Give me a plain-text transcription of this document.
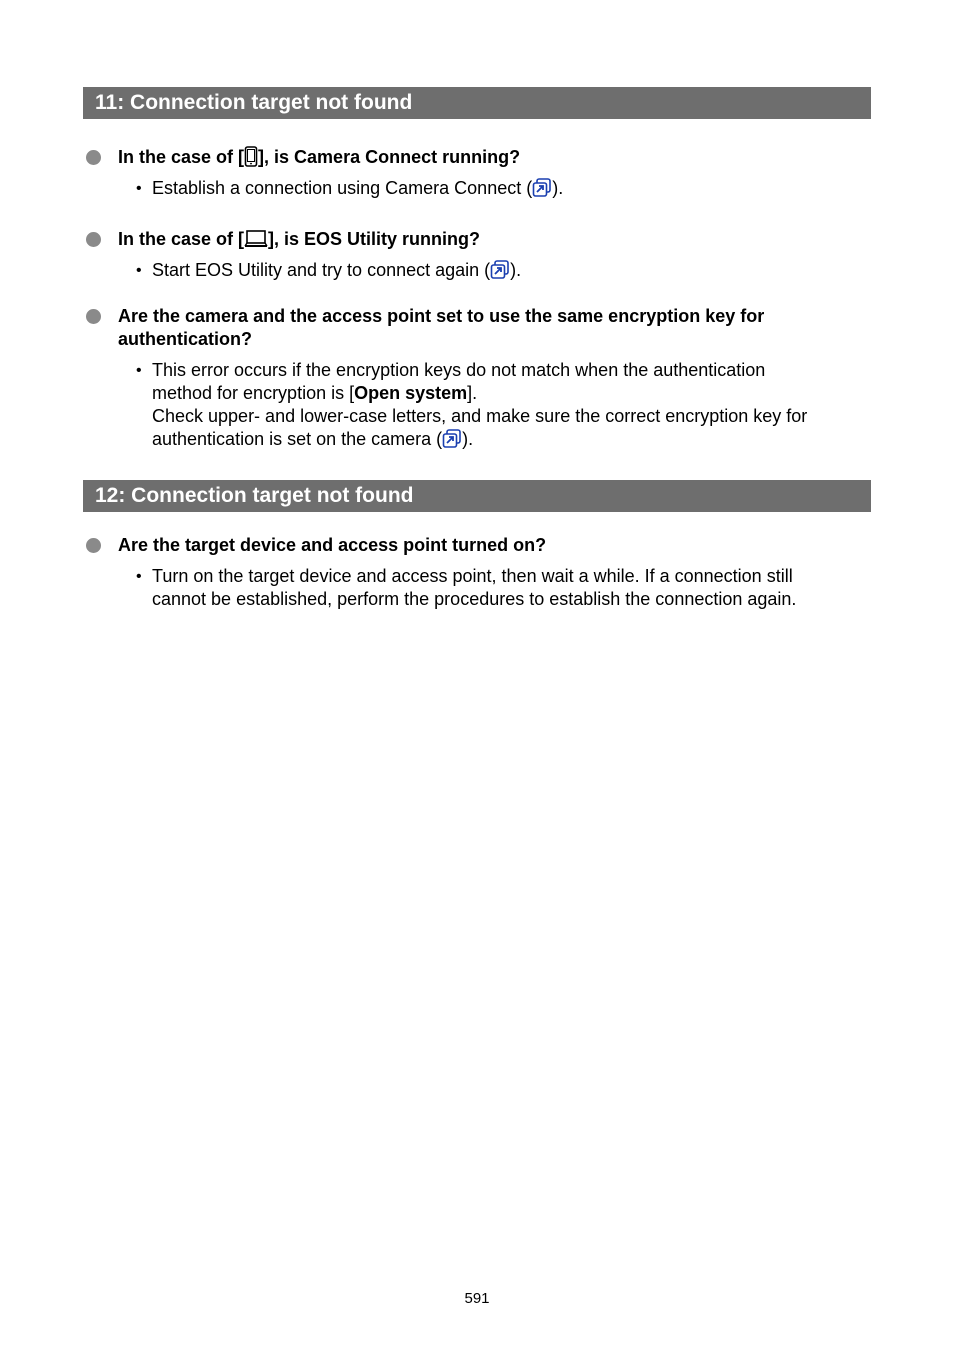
11: Connection target not found
In the case of [ ], is Camera Connect running?
• Establish a connection using Camera Connect ( ).
In the case of [ ], is EOS Utility running?
• Start EOS Utility and try to connect again ( ).
Are the camera and the access point set to use the same encryption key for
authentication?
• This error occurs if the encryption keys do not match when the authentication
method for encryption is [Open system].
Check upper- and lower-case letters, and make sure the correct encryption key for
authentication is set on the camera ( ).
12: Connection target not found
Are the target device and access point turned on?
• Turn on the target device and access point, then wait a while. If a connection still
cannot be established, perform the procedures to establish the connection again.
591
